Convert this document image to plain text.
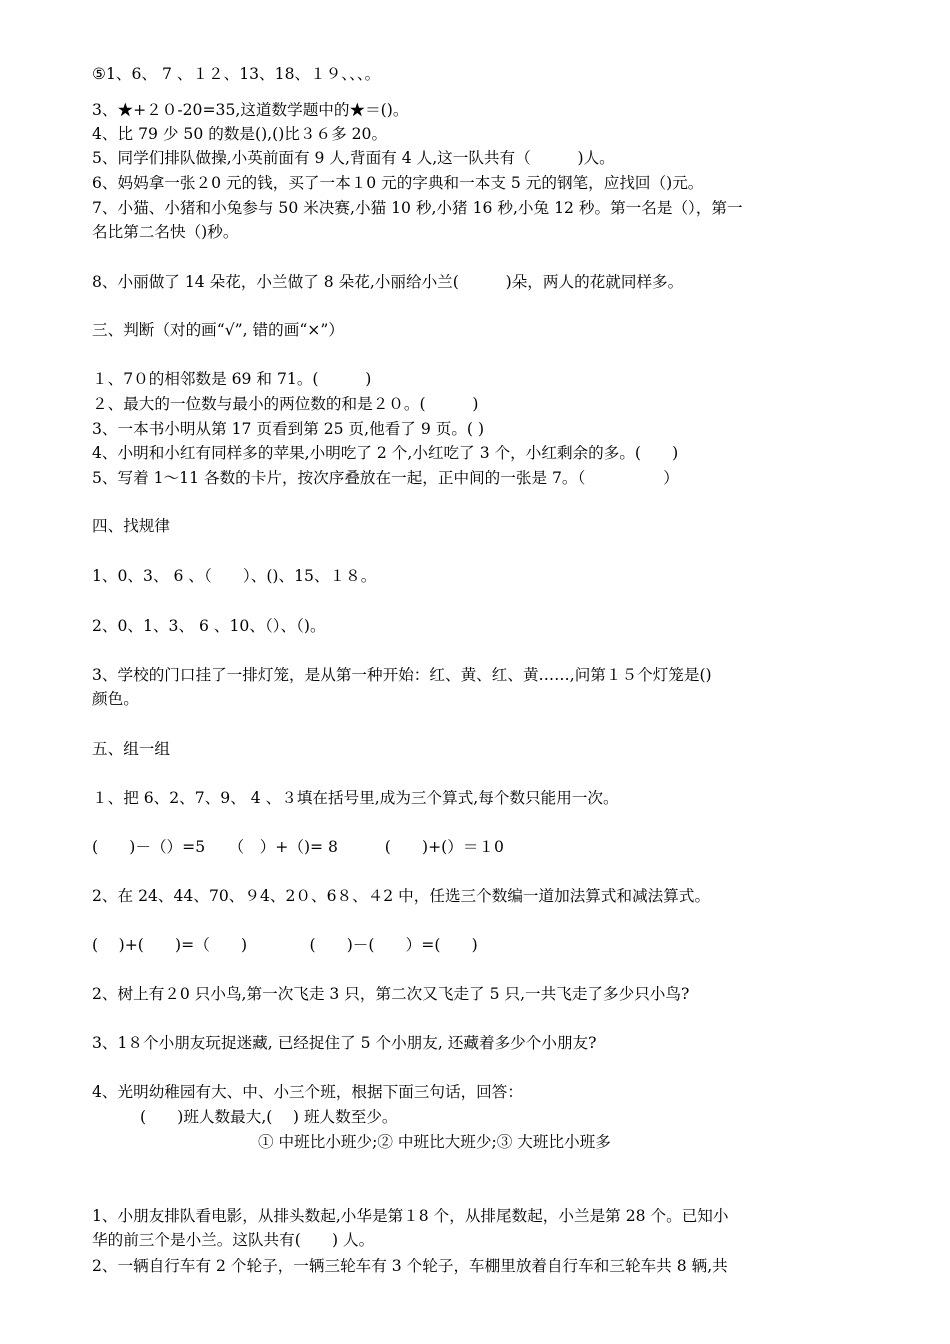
⑤1、6、 7 、１２、13、18、１９、、、。

3、★+２０-20=35,这道数学题中的★＝()。

4、比 79 少 50 的数是(),()比３６多 20。

5、同学们排队做操,小英前面有 9 人,背面有 4 人,这一队共有（　　　)人。

6、妈妈拿一张２0 元的钱，买了一本１0 元的字典和一本支 5 元的钢笔，应找回（)元。

7、小猫、小猪和小兔参与 50 米决赛,小猫 10 秒,小猪 16 秒,小兔 12 秒。第一名是（），第一

名比第二名快（)秒。

8、小丽做了 14 朵花，小兰做了 8 朵花,小丽给小兰(　　　)朵，两人的花就同样多。

三、判断（对的画“√”, 错的画“×”）

１、7０的相邻数是 69 和 71。(　　　)

２、最大的一位数与最小的两位数的和是２０。(　　　)

3、一本书小明从第 17 页看到第 25 页,他看了 9 页。( )

4、小明和小红有同样多的苹果,小明吃了 2 个,小红吃了 3 个，小红剩余的多。(　　)

5、写着 1～11 各数的卡片，按次序叠放在一起，正中间的一张是 7。（　　　　　）

四、找规律

1、0、3、 6 、（　　）、()、15、１８。

2、0、1、3、 6 、10、（）、（)。

3、学校的门口挂了一排灯笼，是从第一种开始：红、黄、红、黄……,问第１５个灯笼是()

颜色。

五、组一组

１、把 6、2、7、9、 4 、３填在括号里,成为三个算式,每个数只能用一次。

(　　)－（）=5　　（　）+（)= 8　　　(　　)+(）＝１0

2、在 24、44、70、９4、2０、6８、４2 中，任选三个数编一道加法算式和减法算式。

(　 )+(　　)=（　　)　　　　(　　)－(　　）=(　　)

2、树上有２0 只小鸟,第一次飞走 3 只，第二次又飞走了 5 只,一共飞走了多少只小鸟?

3、1８个小朋友玩捉迷藏, 已经捉住了 5 个小朋友, 还藏着多少个小朋友?

4、光明幼稚园有大、中、小三个班，根据下面三句话，回答：

(　　)班人数最大,(　 ) 班人数至少。

① 中班比小班少;② 中班比大班少;③ 大班比小班多

1、小朋友排队看电影，从排头数起,小华是第１8 个，从排尾数起，小兰是第 28 个。已知小

华的前三个是小兰。这队共有(　　) 人。

2、一辆自行车有 2 个轮子，一辆三轮车有 3 个轮子，车棚里放着自行车和三轮车共 8 辆,共
